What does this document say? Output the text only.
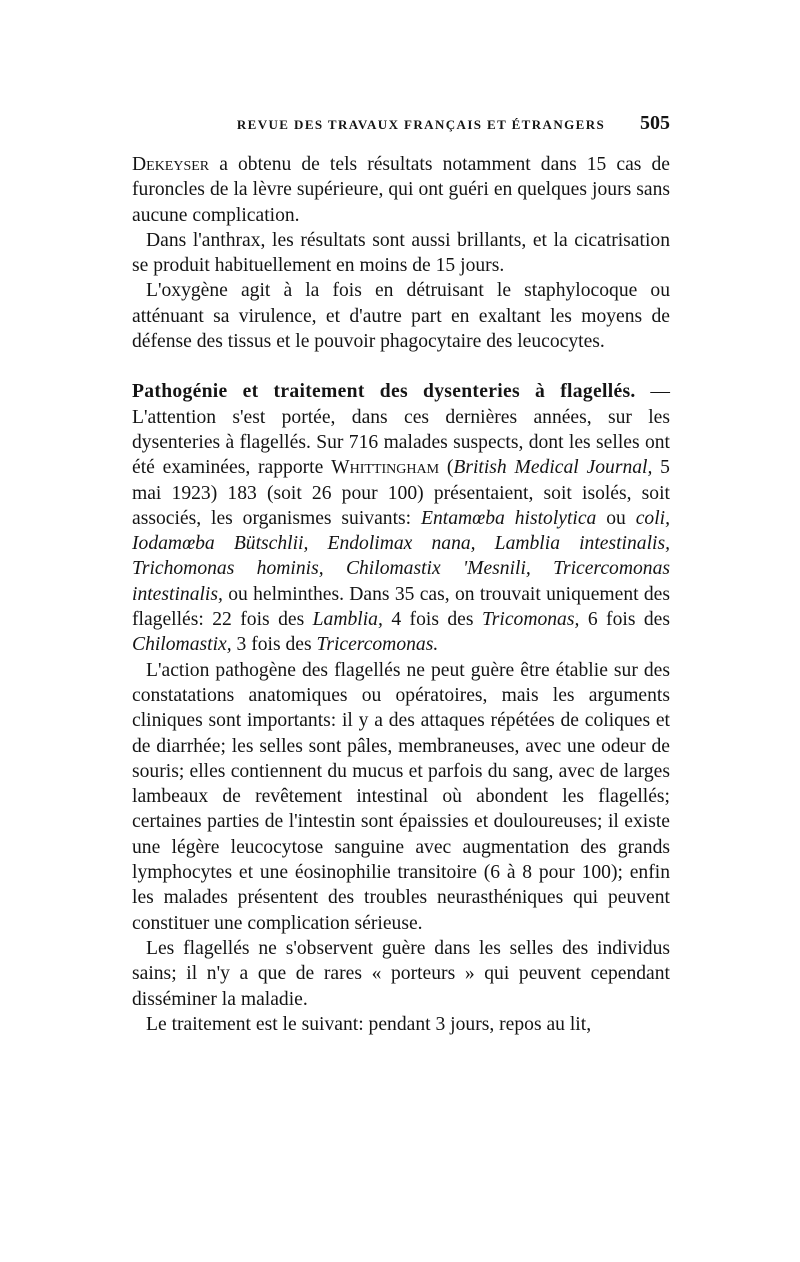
REVUE DES TRAVAUX FRANÇAIS ET ÉTRANGERS	505

Dekeyser a obtenu de tels résultats notamment dans 15 cas de furoncles de la lèvre supérieure, qui ont guéri en quelques jours sans aucune complication.

Dans l'anthrax, les résultats sont aussi brillants, et la cicatrisation se produit habituellement en moins de 15 jours.

L'oxygène agit à la fois en détruisant le staphylocoque ou atténuant sa virulence, et d'autre part en exaltant les moyens de défense des tissus et le pouvoir phagocytaire des leucocytes.

Pathogénie et traitement des dysenteries à flagellés. — L'attention s'est portée, dans ces dernières années, sur les dysenteries à flagellés. Sur 716 malades suspects, dont les selles ont été examinées, rapporte Whittingham (British Medical Journal, 5 mai 1923) 183 (soit 26 pour 100) présentaient, soit isolés, soit associés, les organismes suivants: Entamœba histolytica ou coli, Iodamœba Bütschlii, Endolimax nana, Lamblia intestinalis, Trichomonas hominis, Chilomastix 'Mesnili, Tricercomonas intestinalis, ou helminthes. Dans 35 cas, on trouvait uniquement des flagellés: 22 fois des Lamblia, 4 fois des Tricomonas, 6 fois des Chilomastix, 3 fois des Tricercomonas.

L'action pathogène des flagellés ne peut guère être établie sur des constatations anatomiques ou opératoires, mais les arguments cliniques sont importants: il y a des attaques répétées de coliques et de diarrhée; les selles sont pâles, membraneuses, avec une odeur de souris; elles contiennent du mucus et parfois du sang, avec de larges lambeaux de revêtement intestinal où abondent les flagellés; certaines parties de l'intestin sont épaissies et douloureuses; il existe une légère leucocytose sanguine avec augmentation des grands lymphocytes et une éosinophilie transitoire (6 à 8 pour 100); enfin les malades présentent des troubles neurasthéniques qui peuvent constituer une complication sérieuse.

Les flagellés ne s'observent guère dans les selles des individus sains; il n'y a que de rares « porteurs » qui peuvent cependant disséminer la maladie.

Le traitement est le suivant: pendant 3 jours, repos au lit,
